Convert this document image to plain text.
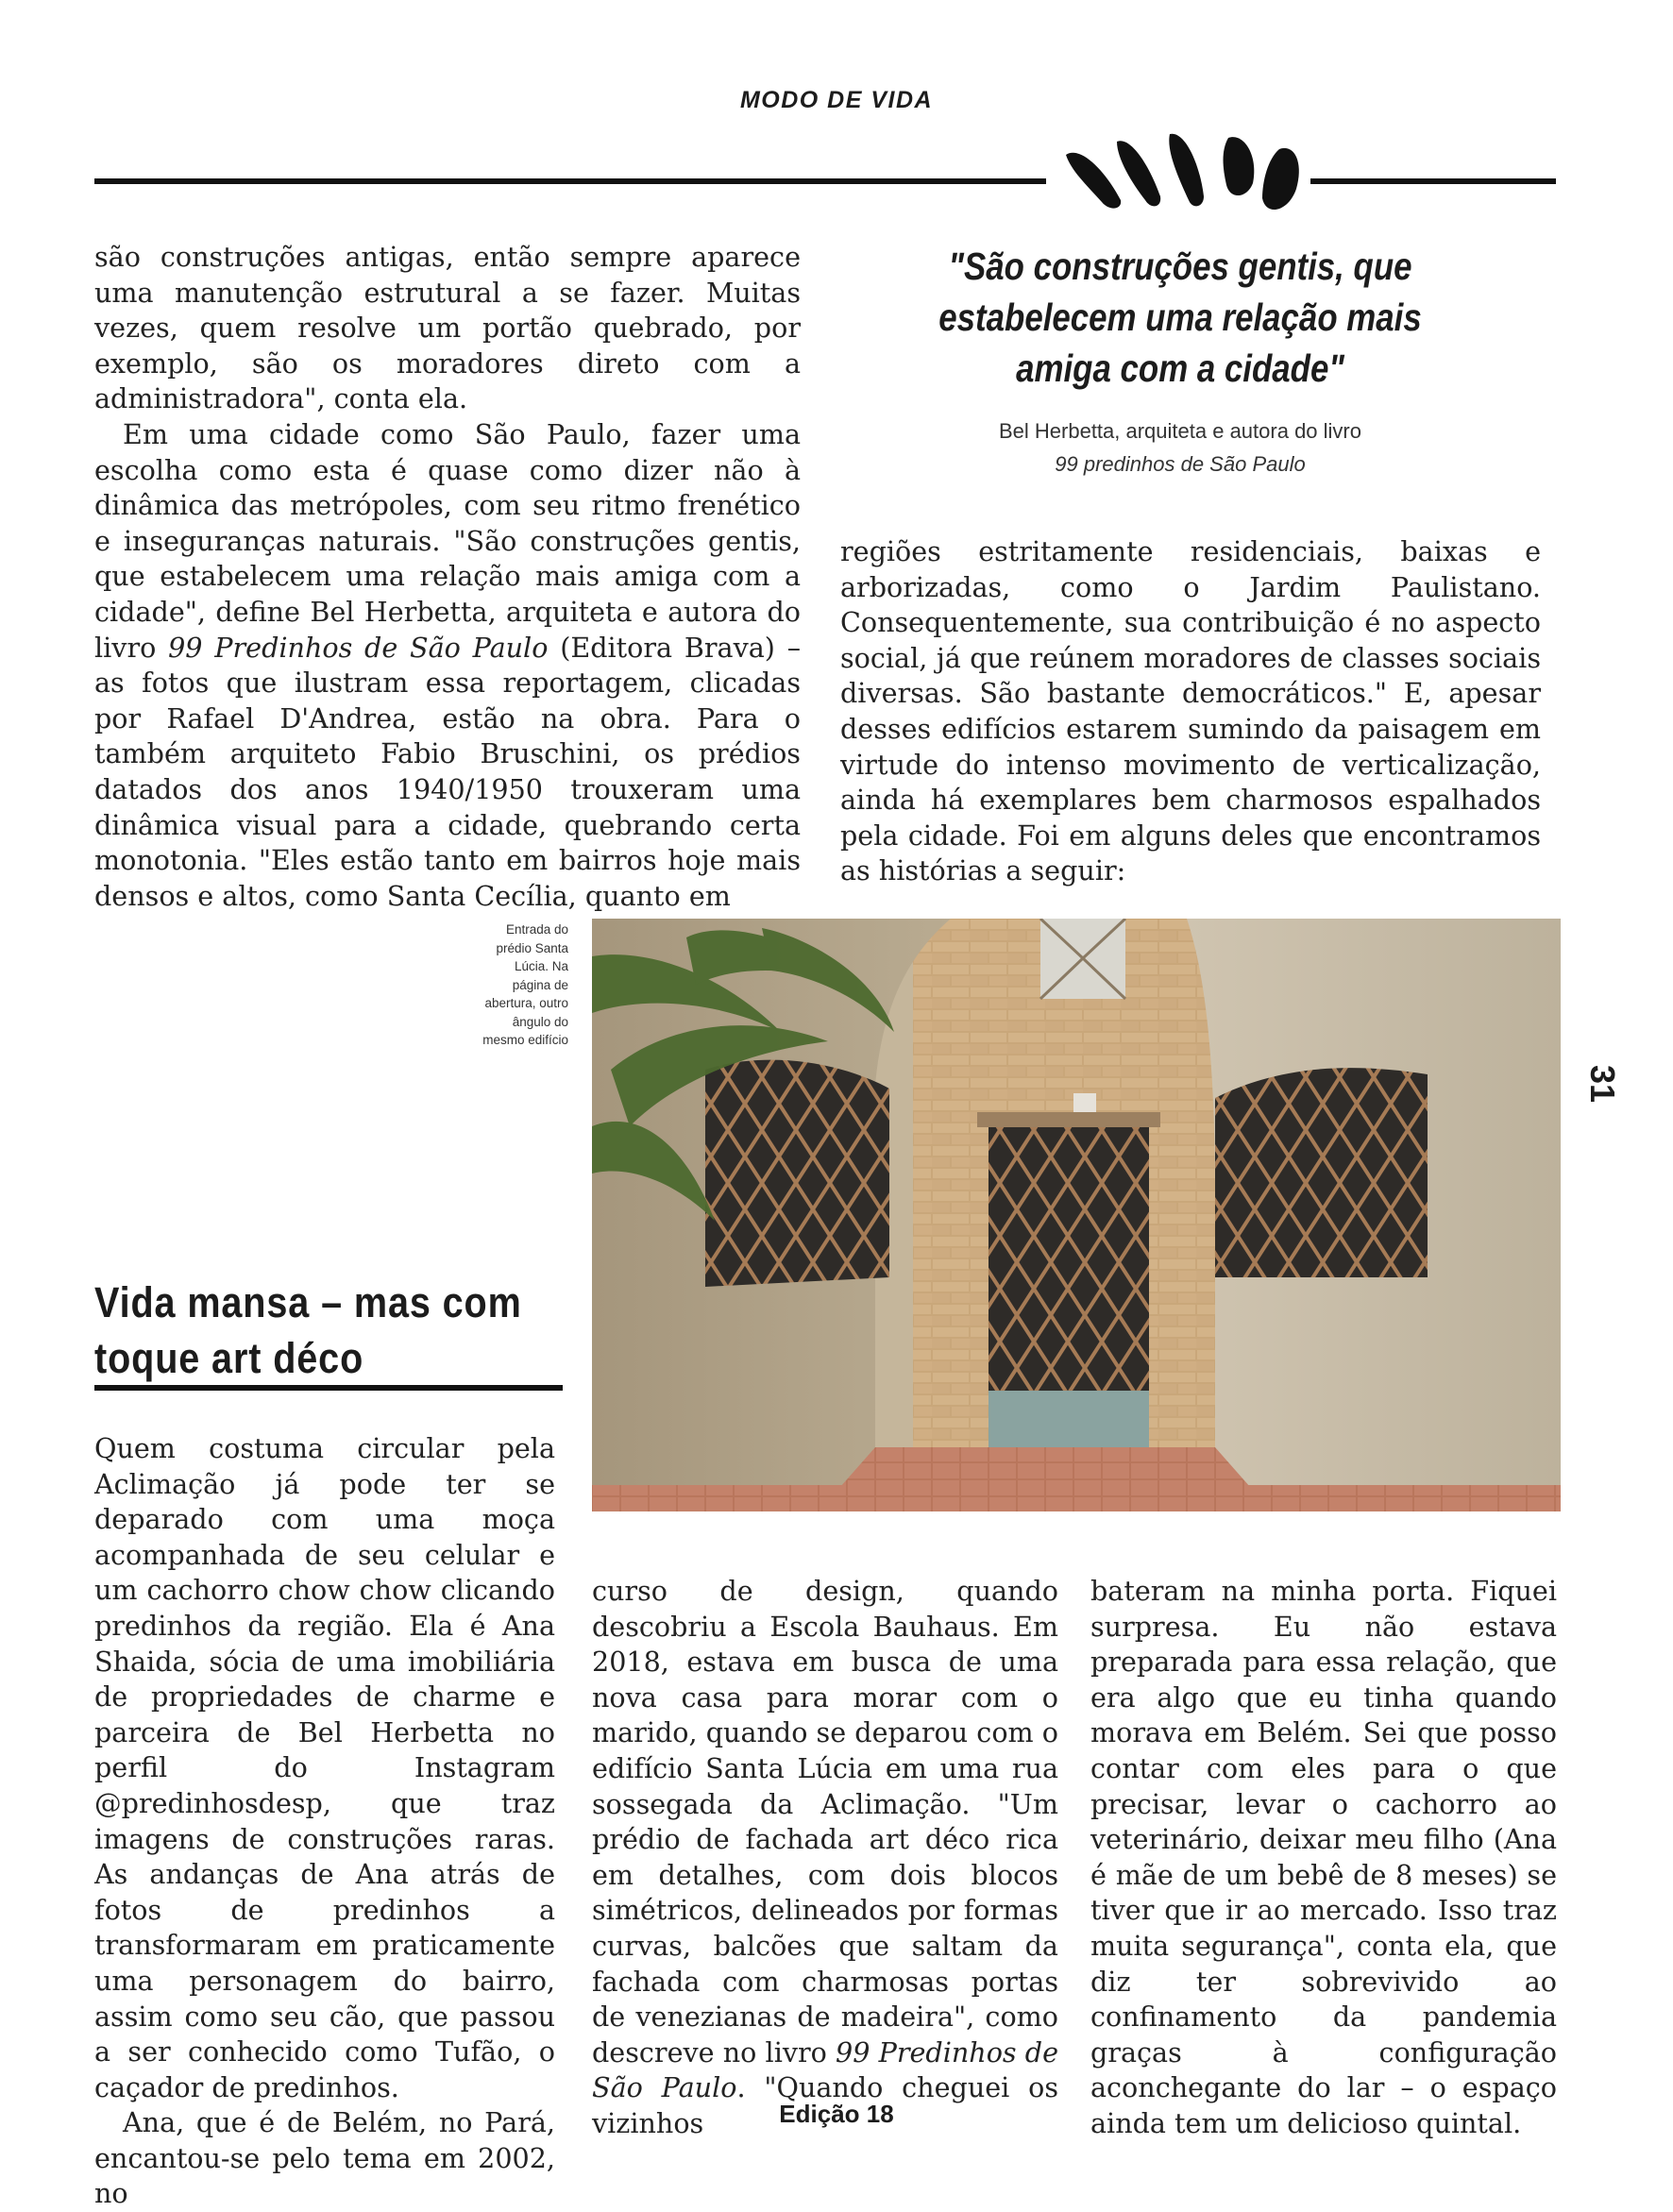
MODO DE VIDA

são construções antigas, então sempre aparece uma manutenção estrutural a se fazer. Muitas vezes, quem resolve um portão quebrado, por exemplo, são os moradores direto com a administradora", conta ela.

Em uma cidade como São Paulo, fazer uma escolha como esta é quase como dizer não à dinâmica das metrópoles, com seu ritmo frenético e inseguranças naturais. "São construções gentis, que estabelecem uma relação mais amiga com a cidade", define Bel Herbetta, arquiteta e autora do livro 99 Predinhos de São Paulo (Editora Brava) – as fotos que ilustram essa reportagem, clicadas por Rafael D'Andrea, estão na obra. Para o também arquiteto Fabio Bruschini, os prédios datados dos anos 1940/1950 trouxeram uma dinâmica visual para a cidade, quebrando certa monotonia. "Eles estão tanto em bairros hoje mais densos e altos, como Santa Cecília, quanto em

"São construções gentis, que estabelecem uma relação mais amiga com a cidade"
Bel Herbetta, arquiteta e autora do livro
99 predinhos de São Paulo

regiões estritamente residenciais, baixas e arborizadas, como o Jardim Paulistano. Consequentemente, sua contribuição é no aspecto social, já que reúnem moradores de classes sociais diversas. São bastante democráticos." E, apesar desses edifícios estarem sumindo da paisagem em virtude do intenso movimento de verticalização, ainda há exemplares bem charmosos espalhados pela cidade. Foi em alguns deles que encontramos as histórias a seguir:

Entrada do prédio Santa Lúcia. Na página de abertura, outro ângulo do mesmo edifício
31
Vida mansa – mas com
toque art déco

Quem costuma circular pela Aclimação já pode ter se deparado com uma moça acompanhada de seu celular e um cachorro chow chow clicando predinhos da região. Ela é Ana Shaida, sócia de uma imobiliária de propriedades de charme e parceira de Bel Herbetta no perfil do Instagram @predinhosdesp, que traz imagens de construções raras. As andanças de Ana atrás de fotos de predinhos a transformaram em praticamente uma personagem do bairro, assim como seu cão, que passou a ser conhecido como Tufão, o caçador de predinhos.

Ana, que é de Belém, no Pará, encantou-se pelo tema em 2002, no

curso de design, quando descobriu a Escola Bauhaus. Em 2018, estava em busca de uma nova casa para morar com o marido, quando se deparou com o edifício Santa Lúcia em uma rua sossegada da Aclimação. "Um prédio de fachada art déco rica em detalhes, com dois blocos simétricos, delineados por formas curvas, balcões que saltam da fachada com charmosas portas de venezianas de madeira", como descreve no livro 99 Predinhos de São Paulo. "Quando cheguei os vizinhos

bateram na minha porta. Fiquei surpresa. Eu não estava preparada para essa relação, que era algo que eu tinha quando morava em Belém. Sei que posso contar com eles para o que precisar, levar o cachorro ao veterinário, deixar meu filho (Ana é mãe de um bebê de 8 meses) se tiver que ir ao mercado. Isso traz muita segurança", conta ela, que diz ter sobrevivido ao confinamento da pandemia graças à configuração aconchegante do lar – o espaço ainda tem um delicioso quintal.

Edição 18
